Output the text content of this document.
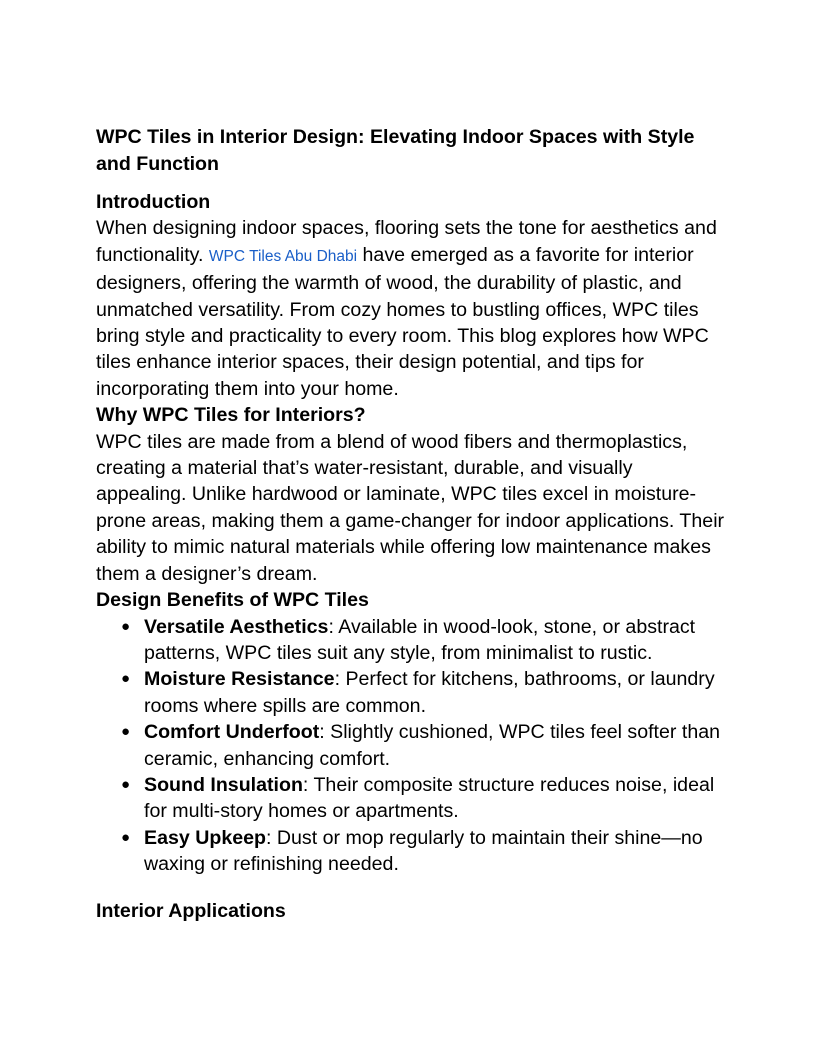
WPC Tiles in Interior Design: Elevating Indoor Spaces with Style and Function

Introduction

When designing indoor spaces, flooring sets the tone for aesthetics and functionality. WPC Tiles Abu Dhabi have emerged as a favorite for interior designers, offering the warmth of wood, the durability of plastic, and unmatched versatility. From cozy homes to bustling offices, WPC tiles bring style and practicality to every room. This blog explores how WPC tiles enhance interior spaces, their design potential, and tips for incorporating them into your home.

Why WPC Tiles for Interiors?

WPC tiles are made from a blend of wood fibers and thermoplastics, creating a material that’s water-resistant, durable, and visually appealing. Unlike hardwood or laminate, WPC tiles excel in moisture-prone areas, making them a game-changer for indoor applications. Their ability to mimic natural materials while offering low maintenance makes them a designer’s dream.

Design Benefits of WPC Tiles

● Versatile Aesthetics: Available in wood-look, stone, or abstract patterns, WPC tiles suit any style, from minimalist to rustic.
● Moisture Resistance: Perfect for kitchens, bathrooms, or laundry rooms where spills are common.
● Comfort Underfoot: Slightly cushioned, WPC tiles feel softer than ceramic, enhancing comfort.
● Sound Insulation: Their composite structure reduces noise, ideal for multi-story homes or apartments.
● Easy Upkeep: Dust or mop regularly to maintain their shine—no waxing or refinishing needed.

Interior Applications
